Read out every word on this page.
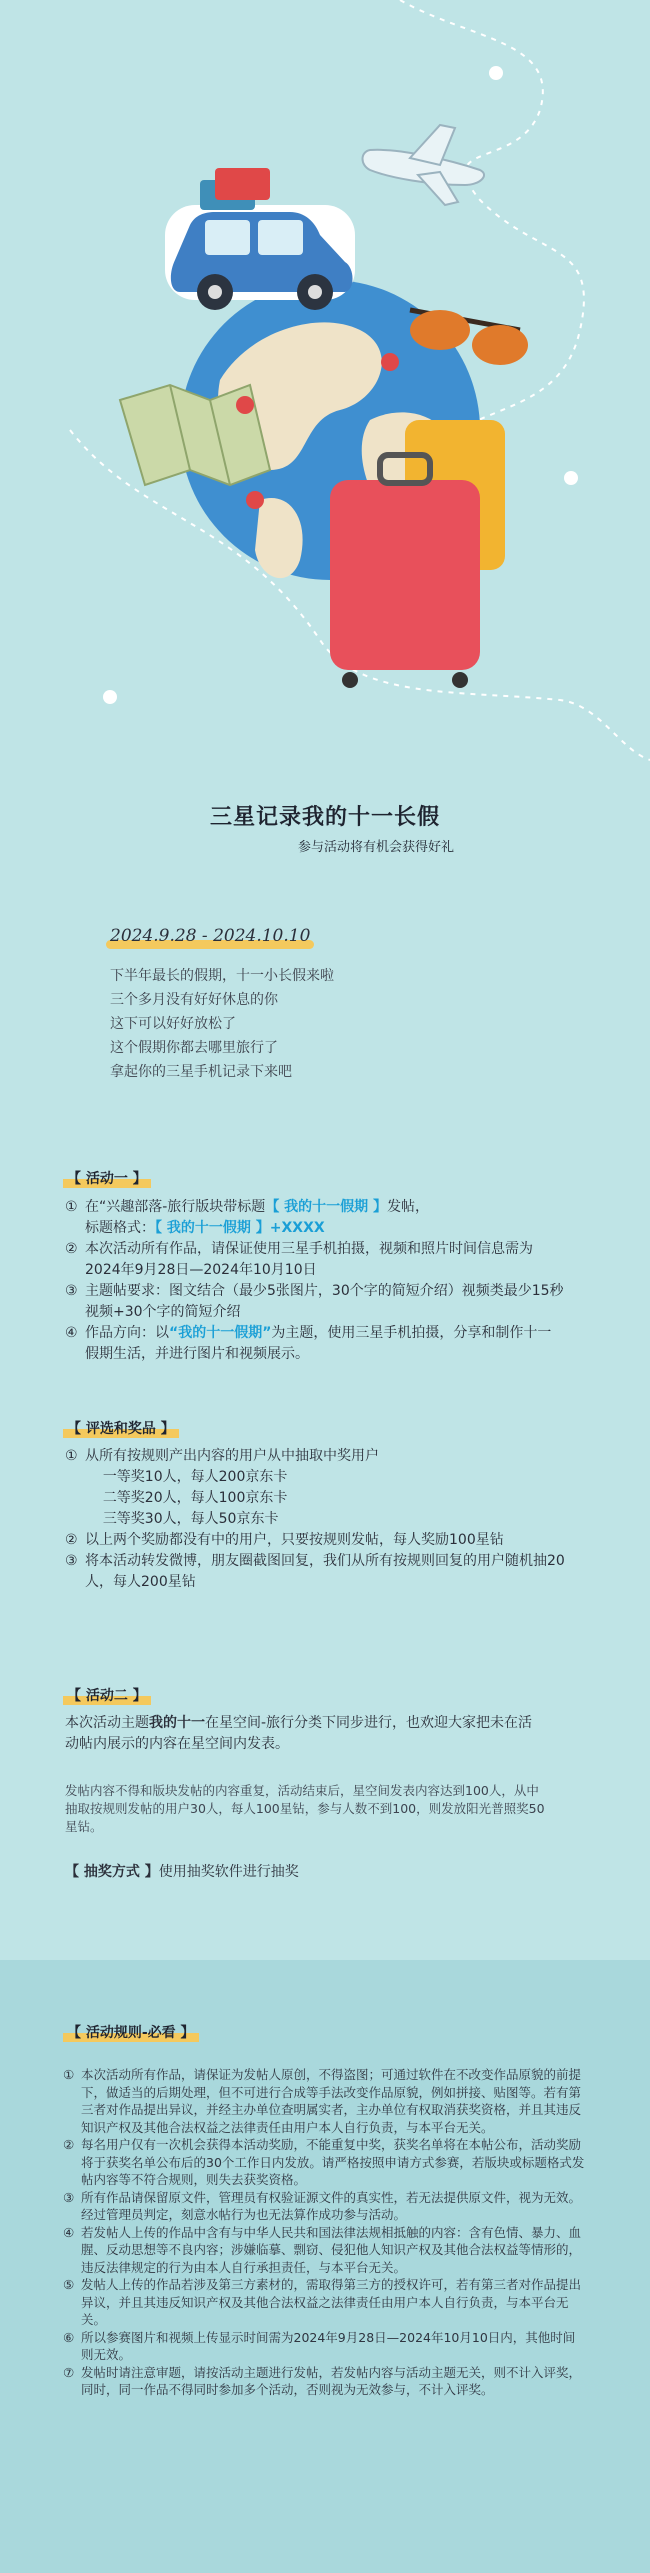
三星记录我的十一长假
参与活动将有机会获得好礼
2024.9.28 - 2024.10.10
下半年最长的假期，十一小长假来啦
三个多月没有好好休息的你
这下可以好好放松了
这个假期你都去哪里旅行了
拿起你的三星手机记录下来吧
【 活动一 】
① 在“兴趣部落-旅行版块带标题【 我的十一假期 】发帖，
标题格式：【 我的十一假期 】+XXXX
② 本次活动所有作品，请保证使用三星手机拍摄，视频和照片时间信息需为2024年9月28日—2024年10月10日
③ 主题帖要求：图文结合（最少5张图片，30个字的简短介绍）视频类最少15秒视频+30个字的简短介绍
④ 作品方向：以“我的十一假期”为主题，使用三星手机拍摄，分享和制作十一假期生活，并进行图片和视频展示。
【 评选和奖品 】
① 从所有按规则产出内容的用户从中抽取中奖用户
一等奖10人，每人200京东卡
二等奖20人，每人100京东卡
三等奖30人，每人50京东卡
② 以上两个奖励都没有中的用户，只要按规则发帖，每人奖励100星钻
③ 将本活动转发微博，朋友圈截图回复，我们从所有按规则回复的用户随机抽20人，每人200星钻
【 活动二 】
本次活动主题我的十一在星空间-旅行分类下同步进行，也欢迎大家把未在活动帖内展示的内容在星空间内发表。
发帖内容不得和版块发帖的内容重复，活动结束后，星空间发表内容达到100人，从中抽取按规则发帖的用户30人，每人100星钻，参与人数不到100，则发放阳光普照奖50星钻。
【 抽奖方式 】使用抽奖软件进行抽奖
【 活动规则-必看 】
① 本次活动所有作品，请保证为发帖人原创，不得盗图；可通过软件在不改变作品原貌的前提下，做适当的后期处理，但不可进行合成等手法改变作品原貌，例如拼接、贴图等。若有第三者对作品提出异议，并经主办单位查明属实者，主办单位有权取消获奖资格，并且其违反知识产权及其他合法权益之法律责任由用户本人自行负责，与本平台无关。
② 每名用户仅有一次机会获得本活动奖励，不能重复中奖，获奖名单将在本帖公布，活动奖励将于获奖名单公布后的30个工作日内发放。请严格按照申请方式参赛，若版块或标题格式发帖内容等不符合规则，则失去获奖资格。
③ 所有作品请保留原文件，管理员有权验证源文件的真实性，若无法提供原文件，视为无效。经过管理员判定，刻意水帖行为也无法算作成功参与活动。
④ 若发帖人上传的作品中含有与中华人民共和国法律法规相抵触的内容：含有色情、暴力、血腥、反动思想等不良内容；涉嫌临摹、剽窃、侵犯他人知识产权及其他合法权益等情形的，违反法律规定的行为由本人自行承担责任，与本平台无关。
⑤ 发帖人上传的作品若涉及第三方素材的，需取得第三方的授权许可，若有第三者对作品提出异议，并且其违反知识产权及其他合法权益之法律责任由用户本人自行负责，与本平台无关。
⑥ 所以参赛图片和视频上传显示时间需为2024年9月28日—2024年10月10日内，其他时间则无效。
⑦ 发帖时请注意审题，请按活动主题进行发帖，若发帖内容与活动主题无关，则不计入评奖，同时，同一作品不得同时参加多个活动，否则视为无效参与，不计入评奖。
